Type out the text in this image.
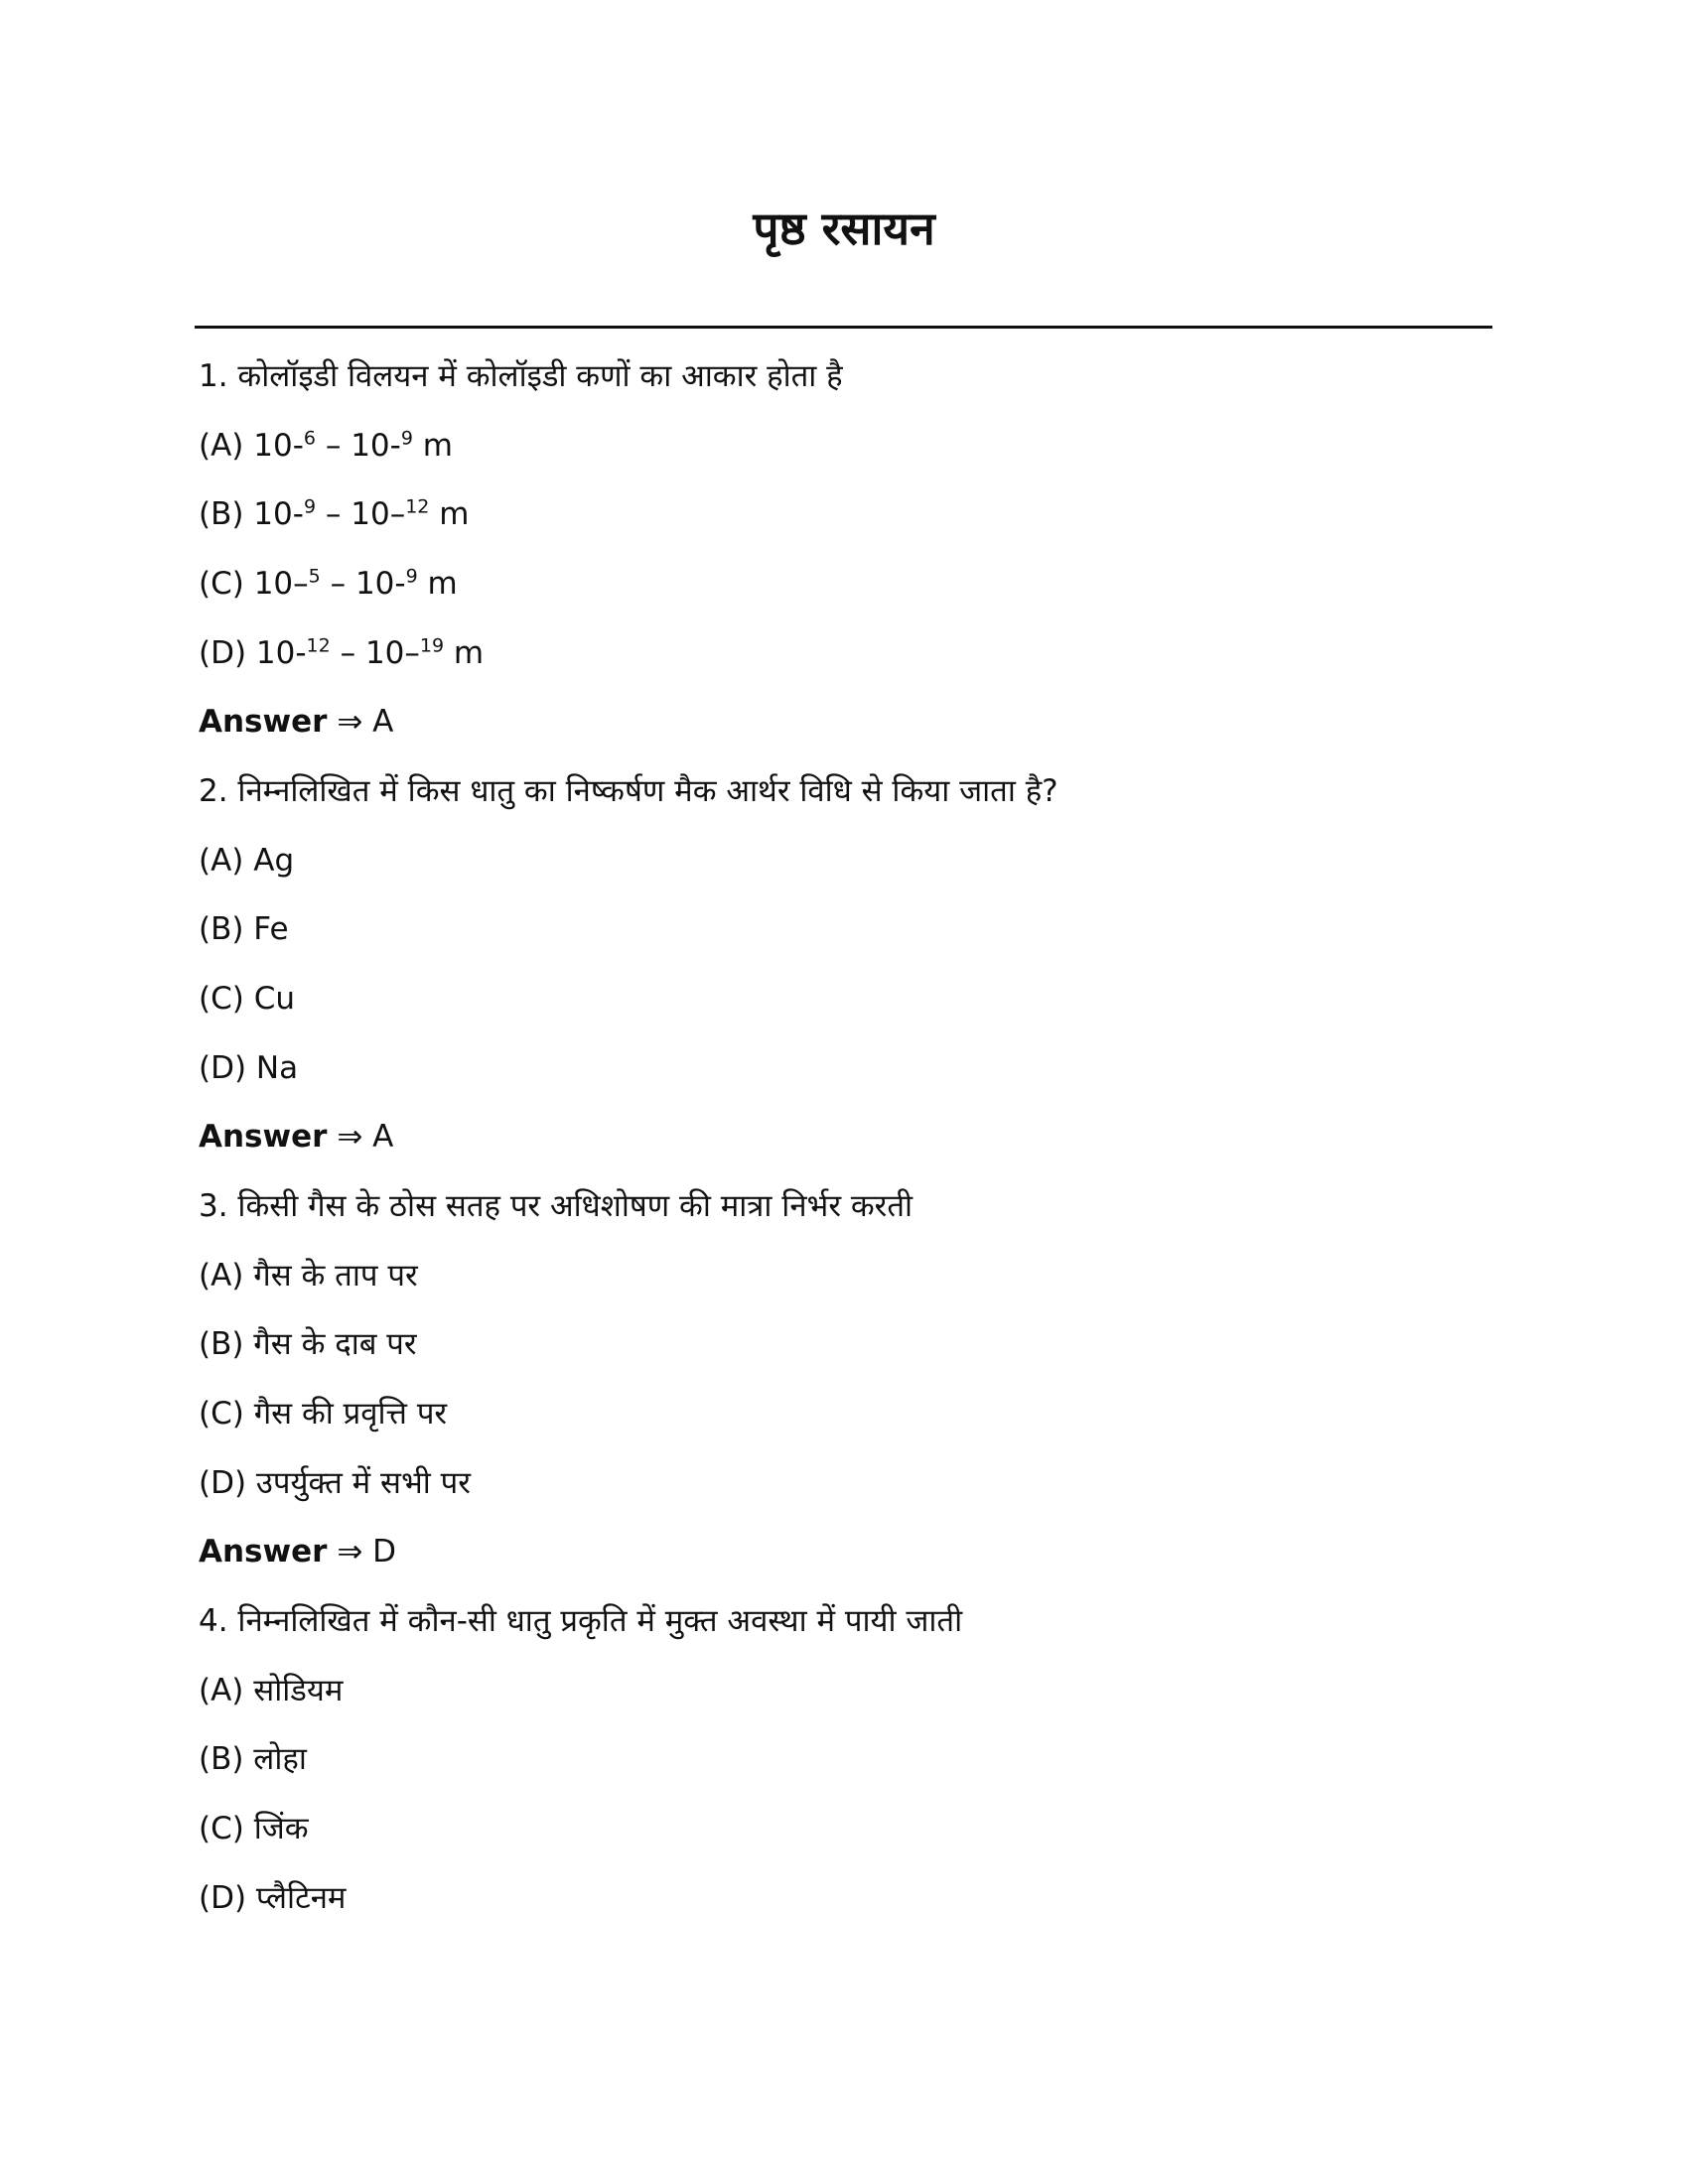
पृष्ठ रसायन
1. कोलॉइडी विलयन में कोलॉइडी कणों का आकार होता है
(A) 10-$^6$ – 10-$^9$ m
(B) 10-$^9$ – 10–$^{12}$ m
(C) 10–$^5$ – 10-$^9$ m
(D) 10-$^{12}$ – 10–$^{19}$ m
Answer ⇒ A
2. निम्नलिखित में किस धातु का निष्कर्षण मैक आर्थर विधि से किया जाता है?
(A) Ag
(B) Fe
(C) Cu
(D) Na
Answer ⇒ A
3. किसी गैस के ठोस सतह पर अधिशोषण की मात्रा निर्भर करती
(A) गैस के ताप पर
(B) गैस के दाब पर
(C) गैस की प्रवृत्ति पर
(D) उपर्युक्त में सभी पर
Answer ⇒ D
4. निम्नलिखित में कौन-सी धातु प्रकृति में मुक्त अवस्था में पायी जाती
(A) सोडियम
(B) लोहा
(C) जिंक
(D) प्लैटिनम
